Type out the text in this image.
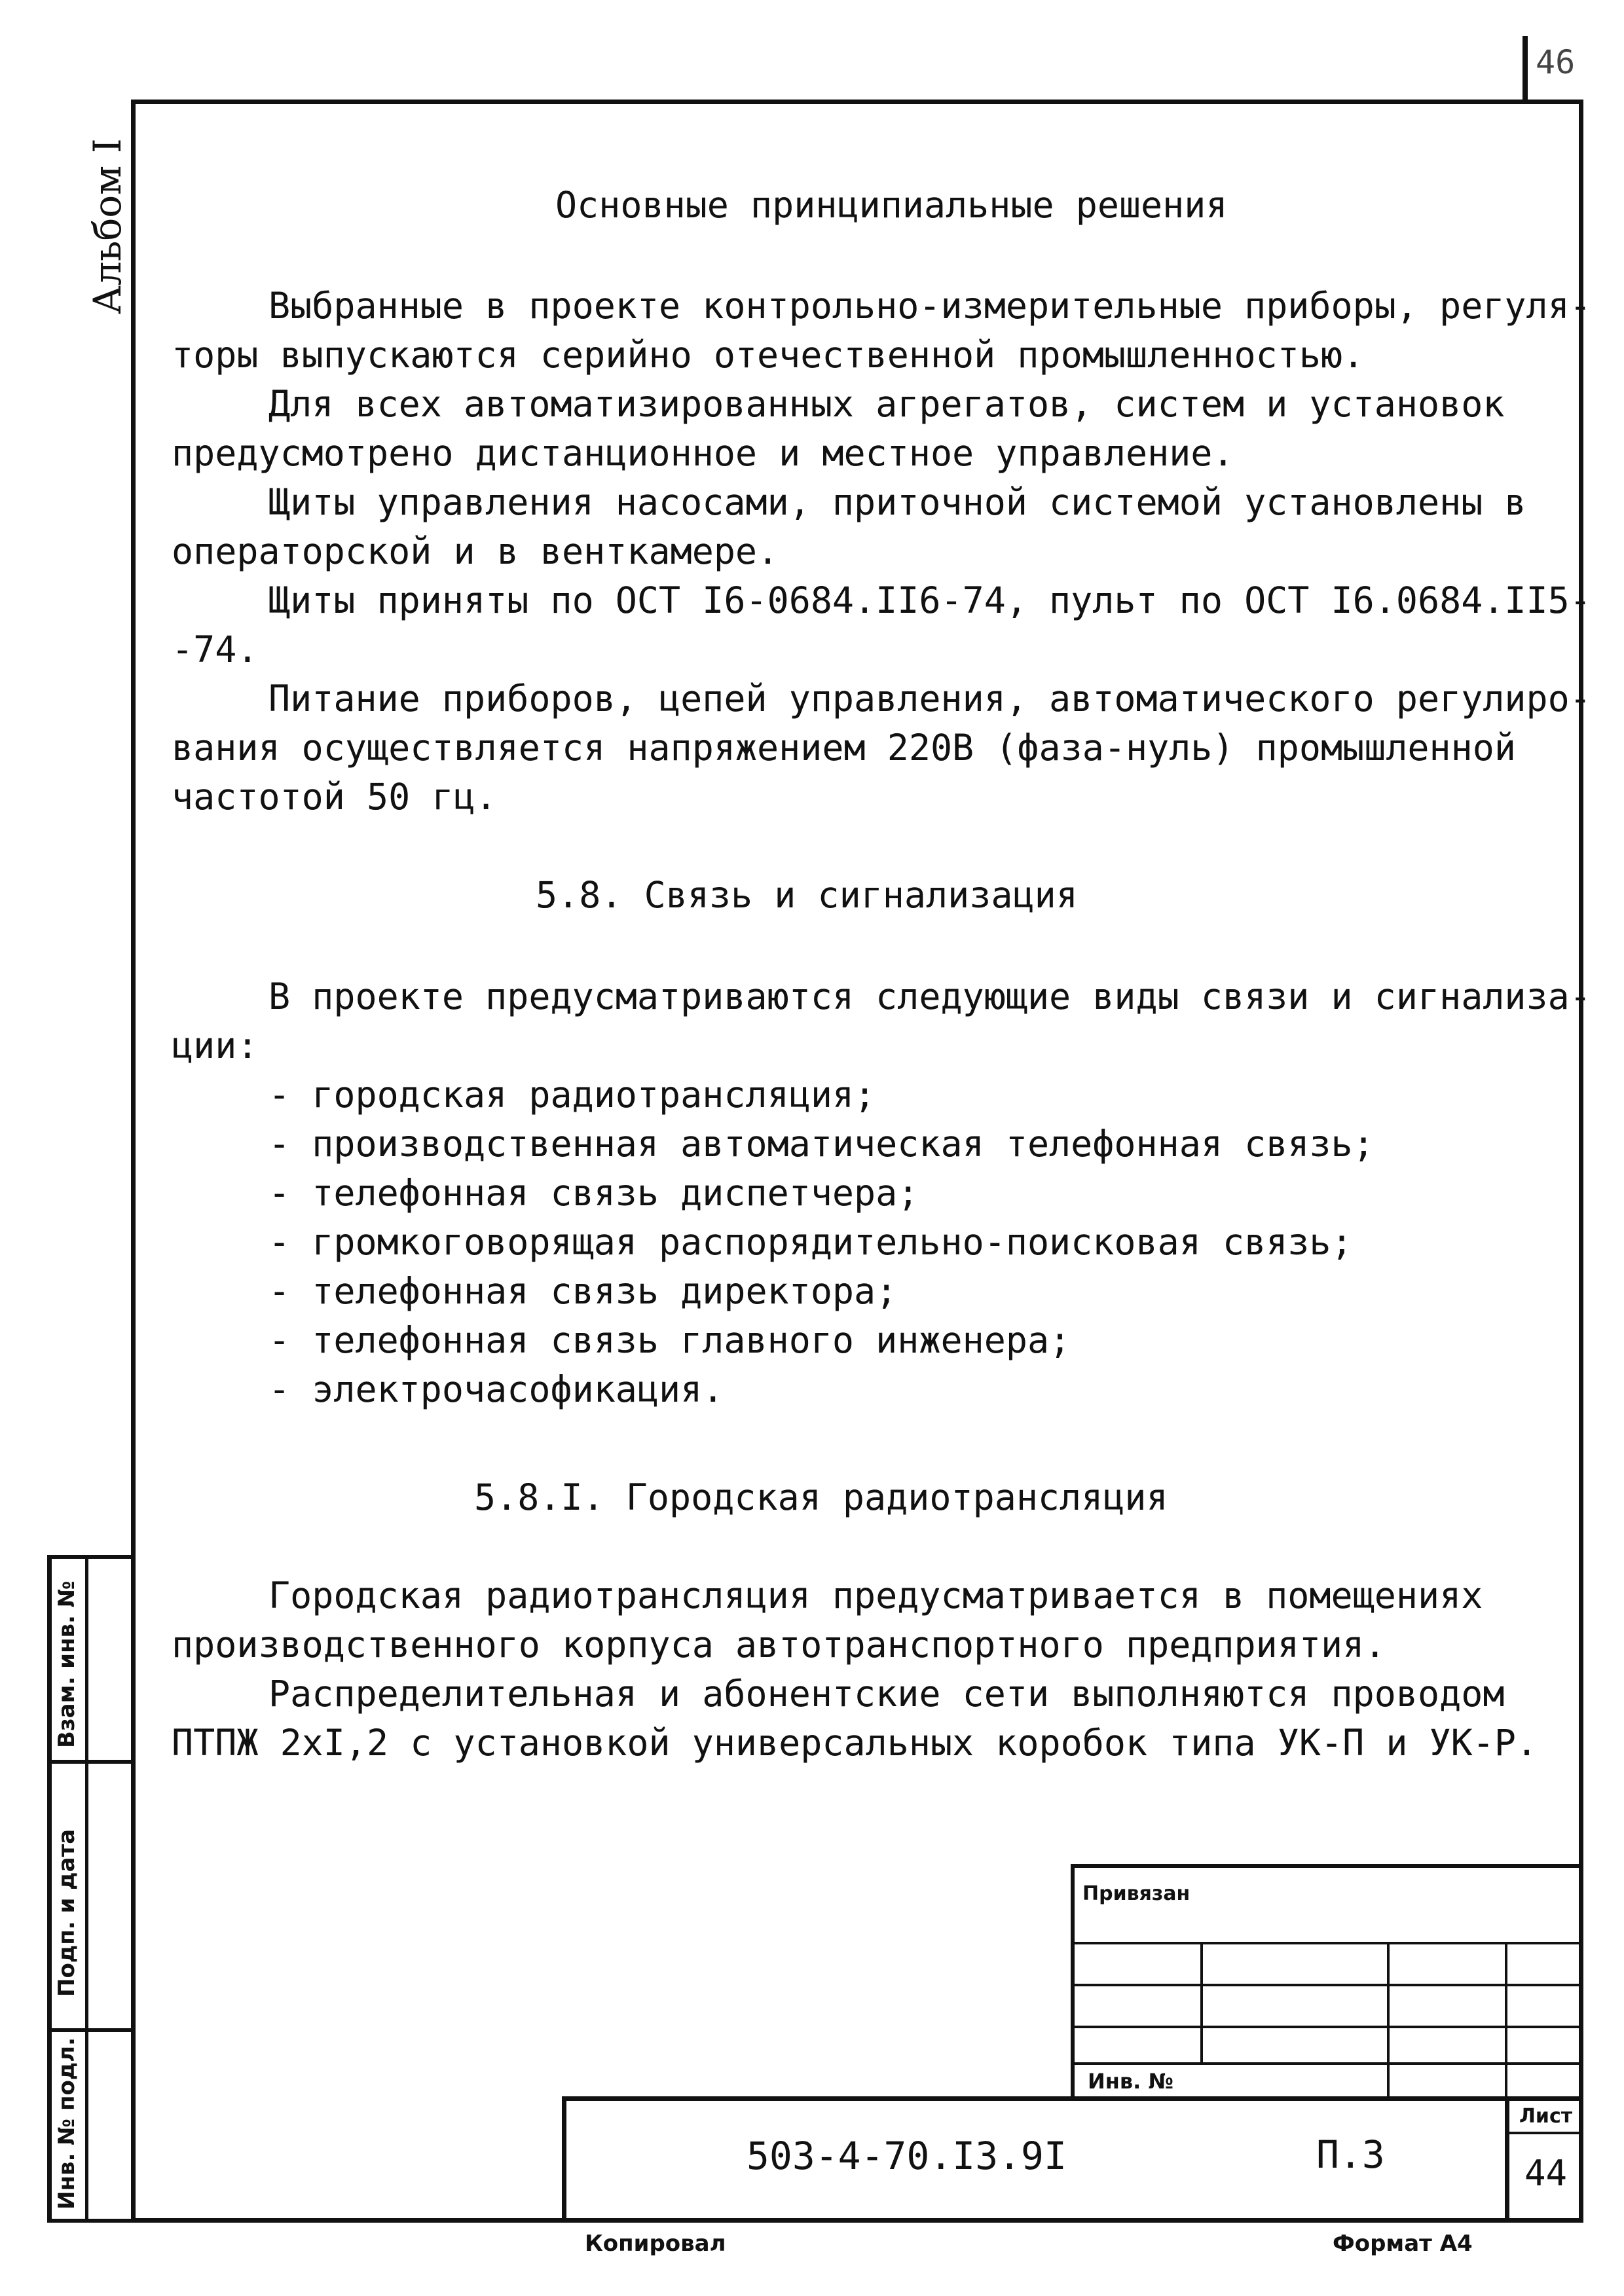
46
Альбом I
Взам. инв. №
Подп. и дата
Инв. № подл.
Основные принципиальные решения
Выбранные в проекте контрольно-измерительные приборы, регуля-
торы выпускаются серийно отечественной промышленностью.
Для всех автоматизированных агрегатов, систем и установок
предусмотрено дистанционное и местное управление.
Щиты управления насосами, приточной системой установлены в
операторской и в венткамере.
Щиты приняты по ОСТ I6-0684.II6-74, пульт по ОСТ I6.0684.II5-
-74.
Питание приборов, цепей управления, автоматического регулиро-
вания осуществляется напряжением 220В (фаза-нуль) промышленной
частотой 50 гц.
5.8. Связь и сигнализация
В проекте предусматриваются следующие виды связи и сигнализа-
ции:
- городская радиотрансляция;
- производственная автоматическая телефонная связь;
- телефонная связь диспетчера;
- громкоговорящая распорядительно-поисковая связь;
- телефонная связь директора;
- телефонная связь главного инженера;
- электрочасофикация.
5.8.I. Городская радиотрансляция
Городская радиотрансляция предусматривается в помещениях
производственного корпуса автотранспортного предприятия.
Распределительная и абонентские сети выполняются проводом
ПТПЖ 2хI,2 с установкой универсальных коробок типа УК-П и УК-Р.
Привязан
Инв. №
503-4-70.I3.9I	П.3
Лист
44
Копировал	Формат А4
